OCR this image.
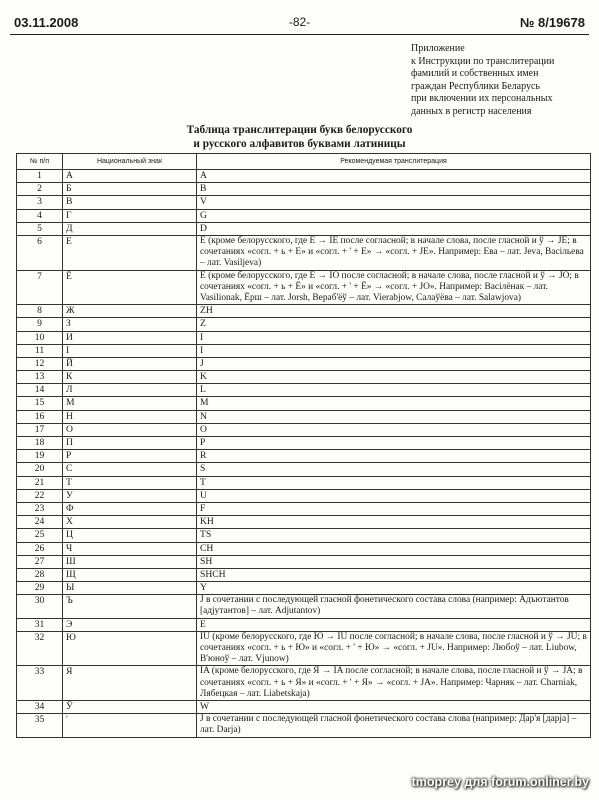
03.11.2008	-82-	№ 8/19678
Приложение
к Инструкции по транслитерации
фамилий и собственных имен
граждан Республики Беларусь
при включении их персональных
данных в регистр населения
Таблица транслитерации букв белорусского
и русского алфавитов буквами латиницы
№ п/п	Национальный знак	Рекомендуемая транслитерация
1	А	A
2	Б	B
3	В	V
4	Г	G
5	Д	D
6	Е	E (кроме белорусского, где Е → IE после согласной; в начале слова, после гласной и ў → JE; в сочетаниях «согл. + ь + Е» и «согл. + ' + Е» → «согл. + JE». Например: Ева – лат. Jeva, Васільева – лат. Vasiljeva)
7	Ё	E (кроме белорусского, где Ё → IO после согласной; в начале слова, после гласной и ў → JO; в сочетаниях «согл. + ь + Ё» и «согл. + ' + Ё» → «согл. + JO». Например: Васілёнак – лат. Vasilionak, Ёрш – лат. Jorsh, Вераб'ёў – лат. Vierabjow, Салаўёва – лат. Salawjova)
8	Ж	ZH
9	З	Z
10	И	I
11	І	I
12	Й	J
13	К	K
14	Л	L
15	М	M
16	Н	N
17	О	O
18	П	P
19	Р	R
20	С	S
21	Т	T
22	У	U
23	Ф	F
24	Х	KH
25	Ц	TS
26	Ч	CH
27	Ш	SH
28	Щ	SHCH
29	Ы	Y
30	Ъ	J в сочетании с последующей гласной фонетического состава слова (например: Адъютантов [адjутантов] – лат. Adjutantov)
31	Э	E
32	Ю	IU (кроме белорусского, где Ю → IU после согласной; в начале слова, после гласной и ў → JU; в сочетаниях «согл. + ь + Ю» и «согл. + ' + Ю» → «согл. + JU». Например: Любоў – лат. Liubow, В'юноў – лат. Vjunow)
33	Я	IA (кроме белорусского, где Я → IA после согласной; в начале слова, после гласной и ў → JA; в сочетаниях «согл. + ь + Я» и «согл. + ' + Я» → «согл. + JA». Например: Чарняк – лат. Charniak, Лябецкая – лат. Liabetskaja)
34	Ў	W
35	'	J в сочетании с последующей гласной фонетического состава слова (например: Дар'я [дарjа] – лат. Darja)
tmoprey для forum.onliner.by
